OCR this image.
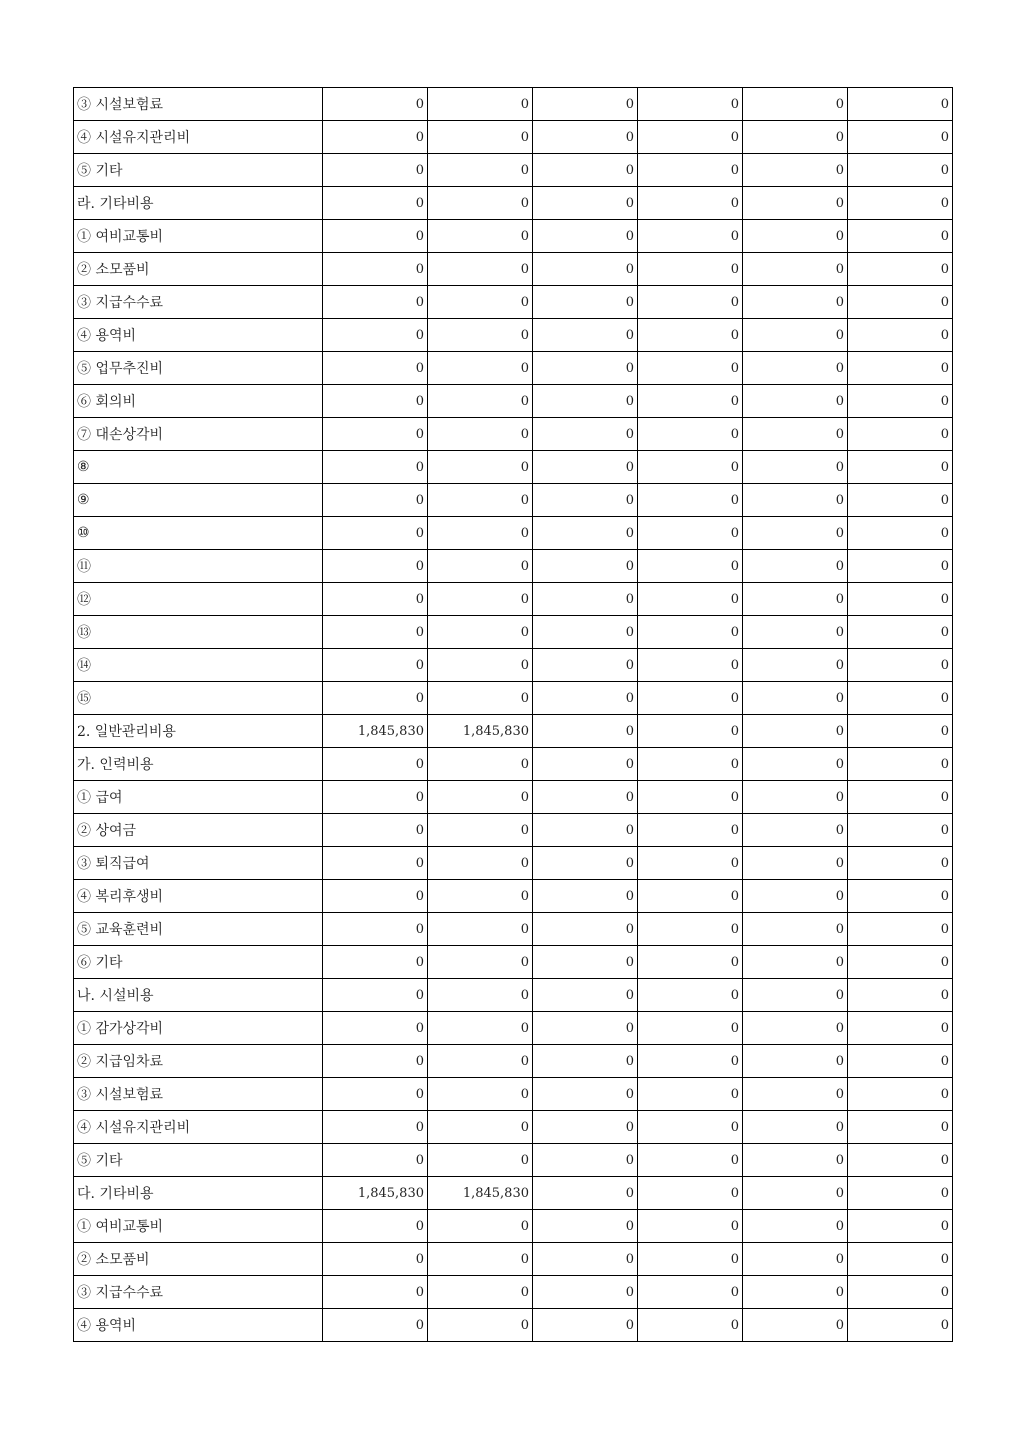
③ 시설보험료	0	0	0	0	0	0
④ 시설유지관리비	0	0	0	0	0	0
⑤ 기타	0	0	0	0	0	0
라. 기타비용	0	0	0	0	0	0
① 여비교통비	0	0	0	0	0	0
② 소모품비	0	0	0	0	0	0
③ 지급수수료	0	0	0	0	0	0
④ 용역비	0	0	0	0	0	0
⑤ 업무추진비	0	0	0	0	0	0
⑥ 회의비	0	0	0	0	0	0
⑦ 대손상각비	0	0	0	0	0	0
⑧	0	0	0	0	0	0
⑨	0	0	0	0	0	0
⑩	0	0	0	0	0	0
⑪	0	0	0	0	0	0
⑫	0	0	0	0	0	0
⑬	0	0	0	0	0	0
⑭	0	0	0	0	0	0
⑮	0	0	0	0	0	0
2. 일반관리비용	1,845,830	1,845,830	0	0	0	0
가. 인력비용	0	0	0	0	0	0
① 급여	0	0	0	0	0	0
② 상여금	0	0	0	0	0	0
③ 퇴직급여	0	0	0	0	0	0
④ 복리후생비	0	0	0	0	0	0
⑤ 교육훈련비	0	0	0	0	0	0
⑥ 기타	0	0	0	0	0	0
나. 시설비용	0	0	0	0	0	0
① 감가상각비	0	0	0	0	0	0
② 지급임차료	0	0	0	0	0	0
③ 시설보험료	0	0	0	0	0	0
④ 시설유지관리비	0	0	0	0	0	0
⑤ 기타	0	0	0	0	0	0
다. 기타비용	1,845,830	1,845,830	0	0	0	0
① 여비교통비	0	0	0	0	0	0
② 소모품비	0	0	0	0	0	0
③ 지급수수료	0	0	0	0	0	0
④ 용역비	0	0	0	0	0	0
